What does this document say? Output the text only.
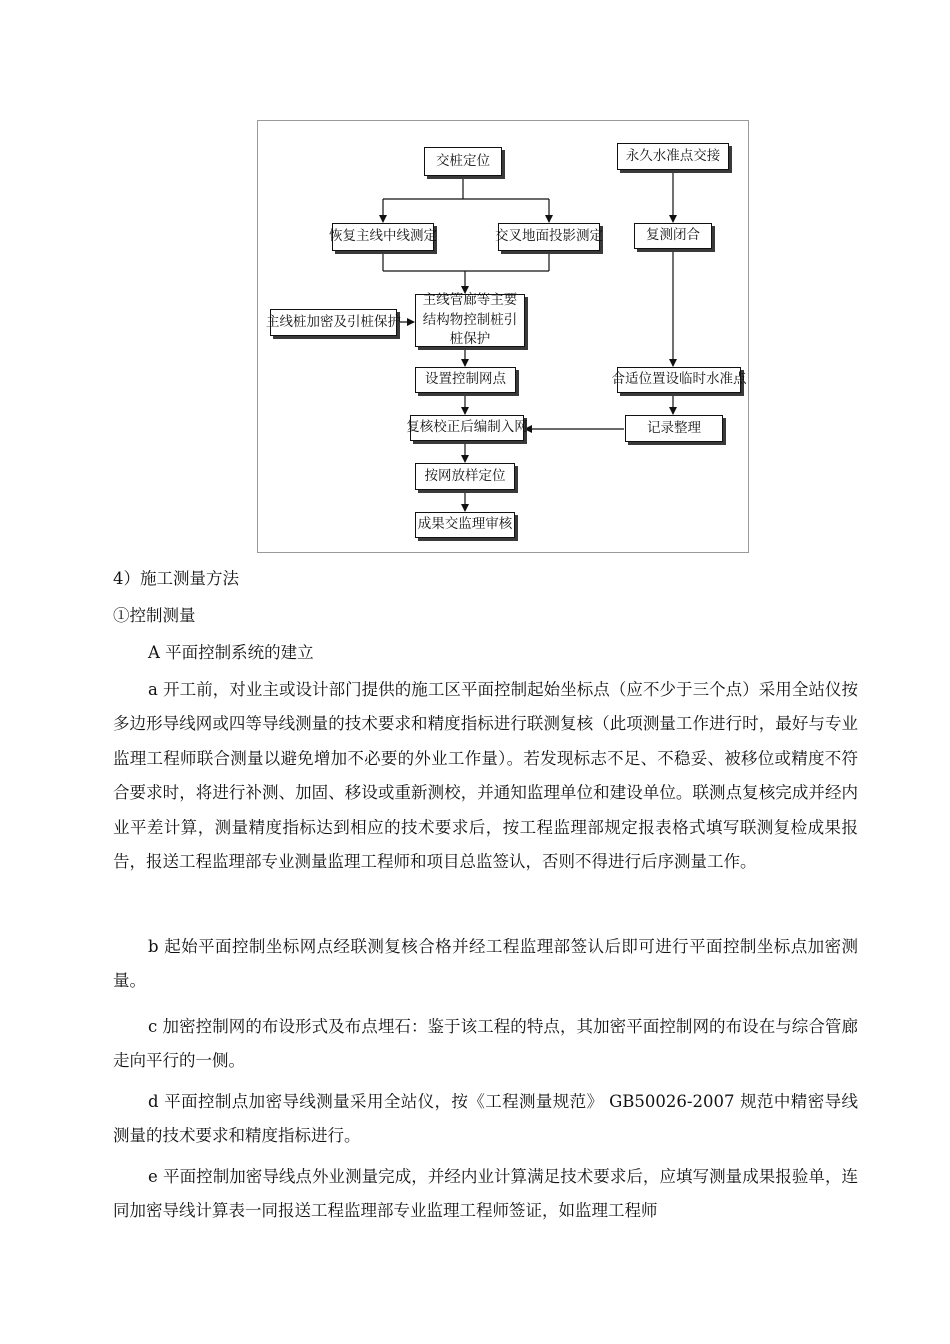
交桩定位
恢复主线中线测定	交叉地面投影测定
主线桩加密及引桩保护
主线管廊等主要结构物控制桩引桩保护
设置控制网点
复核校正后编制入网
按网放样定位
成果交监理审核
永久水准点交接
复测闭合
合适位置设临时水准点
记录整理
4）施工测量方法
①控制测量
A 平面控制系统的建立
a 开工前，对业主或设计部门提供的施工区平面控制起始坐标点（应不少于三个点）采用全站仪按多边形导线网或四等导线测量的技术要求和精度指标进行联测复核（此项测量工作进行时，最好与专业监理工程师联合测量以避免增加不必要的外业工作量）。若发现标志不足、不稳妥、被移位或精度不符合要求时，将进行补测、加固、移设或重新测校，并通知监理单位和建设单位。联测点复核完成并经内业平差计算，测量精度指标达到相应的技术要求后，按工程监理部规定报表格式填写联测复检成果报告，报送工程监理部专业测量监理工程师和项目总监签认，否则不得进行后序测量工作。
b 起始平面控制坐标网点经联测复核合格并经工程监理部签认后即可进行平面控制坐标点加密测量。
c 加密控制网的布设形式及布点埋石：鉴于该工程的特点，其加密平面控制网的布设在与综合管廊走向平行的一侧。
d 平面控制点加密导线测量采用全站仪，按《工程测量规范》 GB50026-2007 规范中精密导线测量的技术要求和精度指标进行。
e 平面控制加密导线点外业测量完成，并经内业计算满足技术要求后，应填写测量成果报验单，连同加密导线计算表一同报送工程监理部专业监理工程师签证，如监理工程师
